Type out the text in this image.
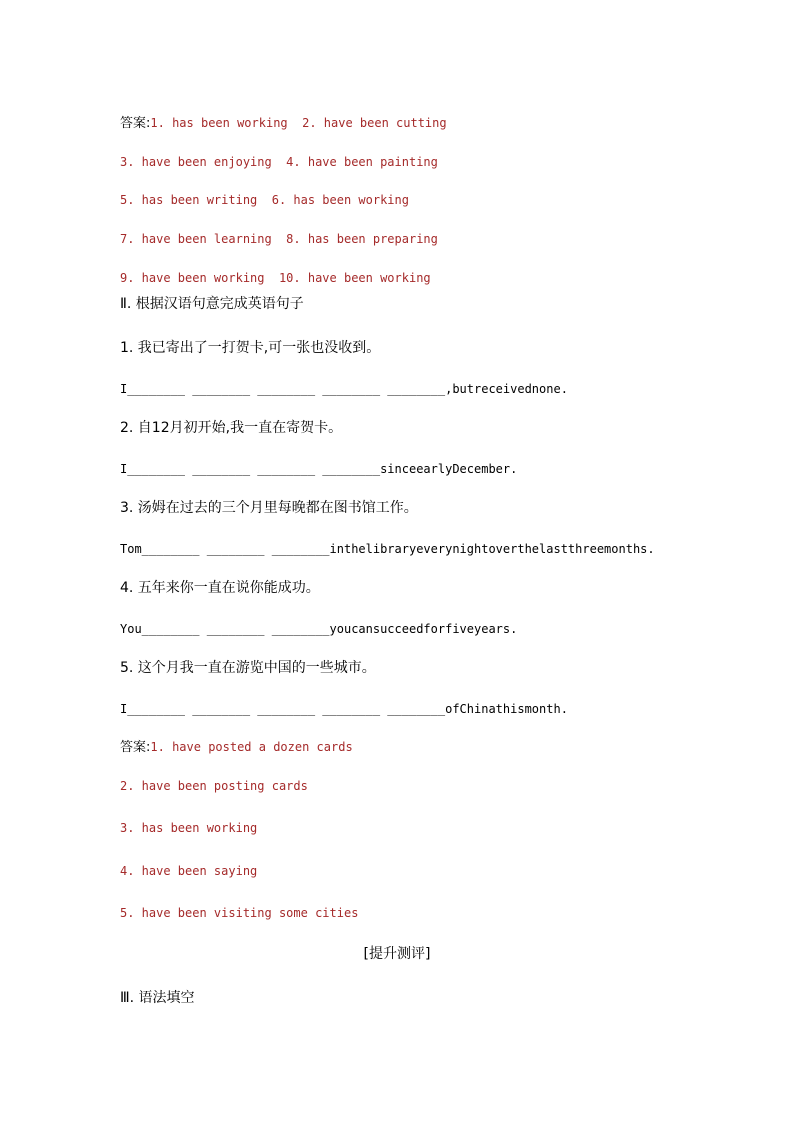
答案:1. has been working  2. have been cutting
3. have been enjoying  4. have been painting
5. has been writing  6. has been working
7. have been learning  8. has been preparing
9. have been working  10. have been working
Ⅱ. 根据汉语句意完成英语句子
1. 我已寄出了一打贺卡,可一张也没收到。
I________ ________ ________ ________ ________,butreceivednone.
2. 自12月初开始,我一直在寄贺卡。
I________ ________ ________ ________sinceearlyDecember.
3. 汤姆在过去的三个月里每晚都在图书馆工作。
Tom________ ________ ________inthelibraryeverynightoverthelastthreemonths.
4. 五年来你一直在说你能成功。
You________ ________ ________youcansucceedforfiveyears.
5. 这个月我一直在游览中国的一些城市。
I________ ________ ________ ________ ________ofChinathismonth.
答案:1. have posted a dozen cards
2. have been posting cards
3. has been working
4. have been saying
5. have been visiting some cities
[提升测评]
Ⅲ. 语法填空
